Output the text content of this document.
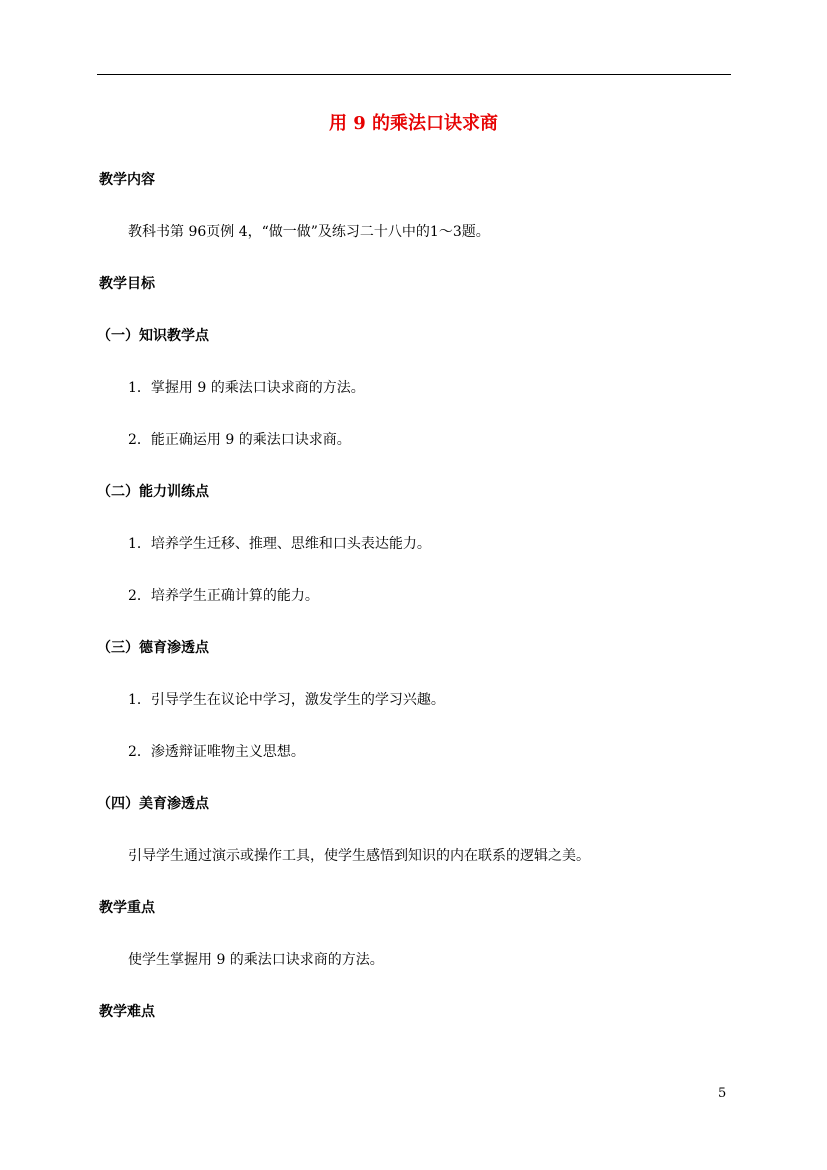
用 9 的乘法口诀求商
教学内容
教科书第 96页例 4，“做一做”及练习二十八中的1～3题。
教学目标
（一）知识教学点
1．掌握用 9 的乘法口诀求商的方法。
2．能正确运用 9 的乘法口诀求商。
（二）能力训练点
1．培养学生迁移、推理、思维和口头表达能力。
2．培养学生正确计算的能力。
（三）德育渗透点
1．引导学生在议论中学习，激发学生的学习兴趣。
2．渗透辩证唯物主义思想。
（四）美育渗透点
引导学生通过演示或操作工具，使学生感悟到知识的内在联系的逻辑之美。
教学重点
使学生掌握用 9 的乘法口诀求商的方法。
教学难点
5
